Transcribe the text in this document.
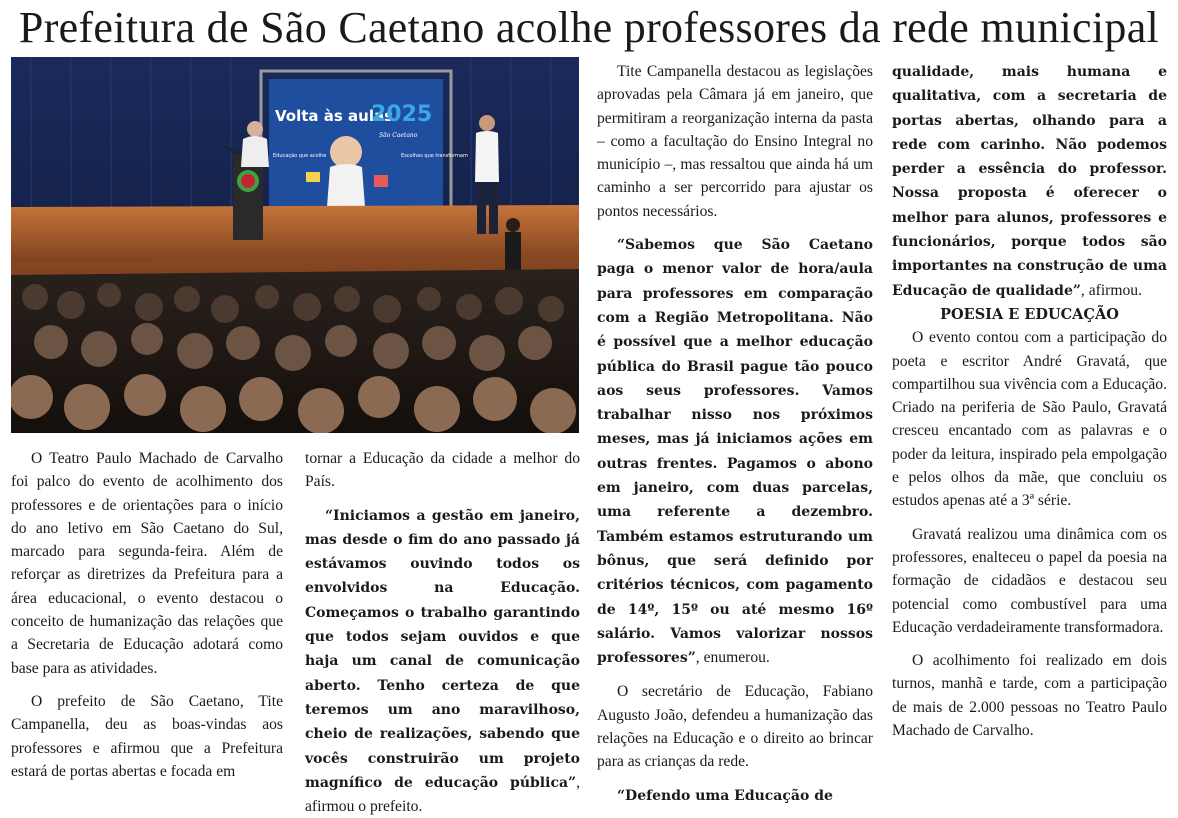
Prefeitura de São Caetano acolhe professores da rede municipal
Volta às aulas
2025
São Caetano
Educação que acolhe	Escolhas que transformam

O Teatro Paulo Machado de Carvalho foi palco do evento de acolhimento dos professores e de orientações para o início do ano letivo em São Caetano do Sul, marcado para segunda-feira. Além de reforçar as diretrizes da Prefeitura para a área educacional, o evento destacou o conceito de humanização das relações que a Secretaria de Educação adotará como base para as atividades.

O prefeito de São Caetano, Tite Campanella, deu as boas-vindas aos professores e afirmou que a Prefeitura estará de portas abertas e focada em

tornar a Educação da cidade a melhor do País.

“Iniciamos a gestão em janeiro, mas desde o fim do ano passado já estávamos ouvindo todos os envolvidos na Educação. Começamos o trabalho garantindo que todos sejam ouvidos e que haja um canal de comunicação aberto. Tenho certeza de que teremos um ano maravilhoso, cheio de realizações, sabendo que vocês construirão um projeto magnífico de educação pública”, afirmou o prefeito.

Tite Campanella destacou as legislações aprovadas pela Câmara já em janeiro, que permitiram a reorganização interna da pasta – como a facultação do Ensino Integral no município –, mas ressaltou que ainda há um caminho a ser percorrido para ajustar os pontos necessários.

“Sabemos que São Caetano paga o menor valor de hora/aula para professores em comparação com a Região Metropolitana. Não é possível que a melhor educação pública do Brasil pague tão pouco aos seus professores. Vamos trabalhar nisso nos próximos meses, mas já iniciamos ações em outras frentes. Pagamos o abono em janeiro, com duas parcelas, uma referente a dezembro. Também estamos estruturando um bônus, que será definido por critérios técnicos, com pagamento de 14º, 15º ou até mesmo 16º salário. Vamos valorizar nossos professores”, enumerou.

O secretário de Educação, Fabiano Augusto João, defendeu a humanização das relações na Educação e o direito ao brincar para as crianças da rede.

“Defendo uma Educação de

qualidade, mais humana e qualitativa, com a secretaria de portas abertas, olhando para a rede com carinho. Não podemos perder a essência do professor. Nossa proposta é oferecer o melhor para alunos, professores e funcionários, porque todos são importantes na construção de uma Educação de qualidade”, afirmou.

POESIA E EDUCAÇÃO

O evento contou com a participação do poeta e escritor André Gravatá, que compartilhou sua vivência com a Educação. Criado na periferia de São Paulo, Gravatá cresceu encantado com as palavras e o poder da leitura, inspirado pela empolgação e pelos olhos da mãe, que concluiu os estudos apenas até a 3ª série.

Gravatá realizou uma dinâmica com os professores, enalteceu o papel da poesia na formação de cidadãos e destacou seu potencial como combustível para uma Educação verdadeiramente transformadora.

O acolhimento foi realizado em dois turnos, manhã e tarde, com a participação de mais de 2.000 pessoas no Teatro Paulo Machado de Carvalho.
